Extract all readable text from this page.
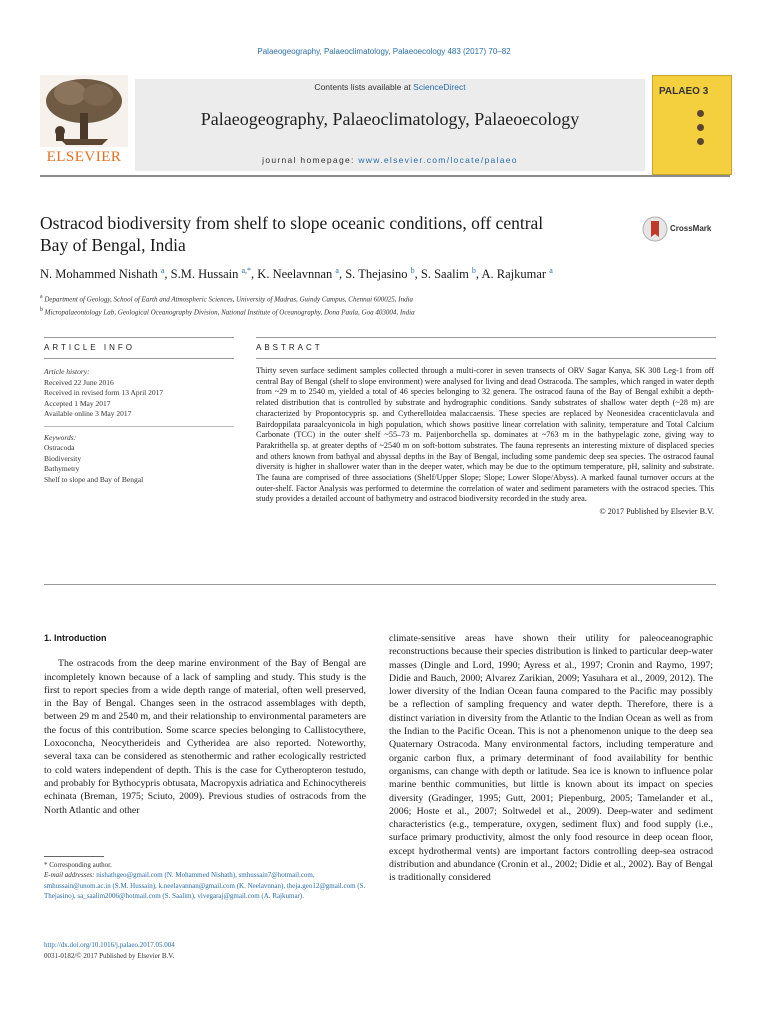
Palaeogeography, Palaeoclimatology, Palaeoecology 483 (2017) 70–82
ELSEVIER
Contents lists available at ScienceDirect
Palaeogeography, Palaeoclimatology, Palaeoecology
journal homepage: www.elsevier.com/locate/palaeo
PALAEO 3
Ostracod biodiversity from shelf to slope oceanic conditions, off central
Bay of Bengal, India
CrossMark
N. Mohammed Nishath $^a$, S.M. Hussain $^{a,*}$, K. Neelavnnan $^a$, S. Thejasino $^b$, S. Saalim $^b$, A. Rajkumar $^a$
$^a$ Department of Geology, School of Earth and Atmospheric Sciences, University of Madras, Guindy Campus, Chennai 600025, India
$^b$ Micropalaeontology Lab, Geological Oceanography Division, National Institute of Oceanography, Dona Paula, Goa 403004, India
ARTICLE INFO	ABSTRACT
Article history:
Received 22 June 2016
Received in revised form 13 April 2017
Accepted 1 May 2017
Available online 3 May 2017
Keywords:
Ostracoda
Biodiversity
Bathymetry
Shelf to slope and Bay of Bengal
Thirty seven surface sediment samples collected through a multi-corer in seven transects of ORV Sagar Kanya, SK 308 Leg-1 from off central Bay of Bengal (shelf to slope environment) were analysed for living and dead Ostracoda. The samples, which ranged in water depth from ~29 m to 2540 m, yielded a total of 46 species belonging to 32 genera. The ostracod fauna of the Bay of Bengal exhibit a depth-related distribution that is controlled by substrate and hydrographic conditions. Sandy substrates of shallow water depth (~28 m) are characterized by Propontocypris sp. and Cytherelloidea malaccaensis. These species are replaced by Neonesidea cracenticlavula and Bairdoppilata paraalcyonicola in high population, which shows positive linear correlation with salinity, temperature and Total Calcium Carbonate (TCC) in the outer shelf ~55–73 m. Paijenborchella sp. dominates at ~763 m in the bathypelagic zone, giving way to Parakrithella sp. at greater depths of ~2540 m on soft-bottom substrates. The fauna represents an interesting mixture of displaced species and others known from bathyal and abyssal depths in the Bay of Bengal, including some pandemic deep sea species. The ostracod faunal diversity is higher in shallower water than in the deeper water, which may be due to the optimum temperature, pH, salinity and substrate. The fauna are comprised of three associations (Shelf/Upper Slope; Slope; Lower Slope/Abyss). A marked faunal turnover occurs at the outer-shelf. Factor Analysis was performed to determine the correlation of water and sediment parameters with the ostracod species. This study provides a detailed account of bathymetry and ostracod biodiversity recorded in the study area.
© 2017 Published by Elsevier B.V.
1. Introduction

The ostracods from the deep marine environment of the Bay of Bengal are incompletely known because of a lack of sampling and study. This study is the first to report species from a wide depth range of material, often well preserved, in the Bay of Bengal. Changes seen in the ostracod assemblages with depth, between 29 m and 2540 m, and their relationship to environmental parameters are the focus of this contribution. Some scarce species belonging to Callistocythere, Loxoconcha, Neocytherideis and Cytheridea are also reported. Noteworthy, several taxa can be considered as stenothermic and rather ecologically restricted to cold waters independent of depth. This is the case for Cytheropteron testudo, and probably for Bythocypris obtusata, Macropyxis adriatica and Echinocythereis echinata (Breman, 1975; Sciuto, 2009). Previous studies of ostracods from the North Atlantic and other

climate-sensitive areas have shown their utility for paleoceanographic reconstructions because their species distribution is linked to particular deep-water masses (Dingle and Lord, 1990; Ayress et al., 1997; Cronin and Raymo, 1997; Didie and Bauch, 2000; Alvarez Zarikian, 2009; Yasuhara et al., 2009, 2012). The lower diversity of the Indian Ocean fauna compared to the Pacific may possibly be a reflection of sampling frequency and water depth. Therefore, there is a distinct variation in diversity from the Atlantic to the Indian Ocean as well as from the Indian to the Pacific Ocean. This is not a phenomenon unique to the deep sea Quaternary Ostracoda. Many environmental factors, including temperature and organic carbon flux, a primary determinant of food availability for benthic organisms, can change with depth or latitude. Sea ice is known to influence polar marine benthic communities, but little is known about its impact on species diversity (Gradinger, 1995; Gutt, 2001; Piepenburg, 2005; Tamelander et al., 2006; Hoste et al., 2007; Soltwedel et al., 2009). Deep-water and sediment characteristics (e.g., temperature, oxygen, sediment flux) and food supply (i.e., surface primary productivity, almost the only food resource in deep ocean floor, except hydrothermal vents) are important factors controlling deep-sea ostracod distribution and abundance (Cronin et al., 2002; Didie et al., 2002). Bay of Bengal is traditionally considered

* Corresponding author.
E-mail addresses: nishathgeo@gmail.com (N. Mohammed Nishath), smhussain7@hotmail.com, smhussain@unom.ac.in (S.M. Hussain), k.neelavannan@gmail.com (K. Neelavnnan), theja.geo12@gmail.com (S. Thejasino), sa_saalim2006@hotmail.com (S. Saalim), vivegaraj@gmail.com (A. Rajkumar).
http://dx.doi.org/10.1016/j.palaeo.2017.05.004
0031-0182/© 2017 Published by Elsevier B.V.
